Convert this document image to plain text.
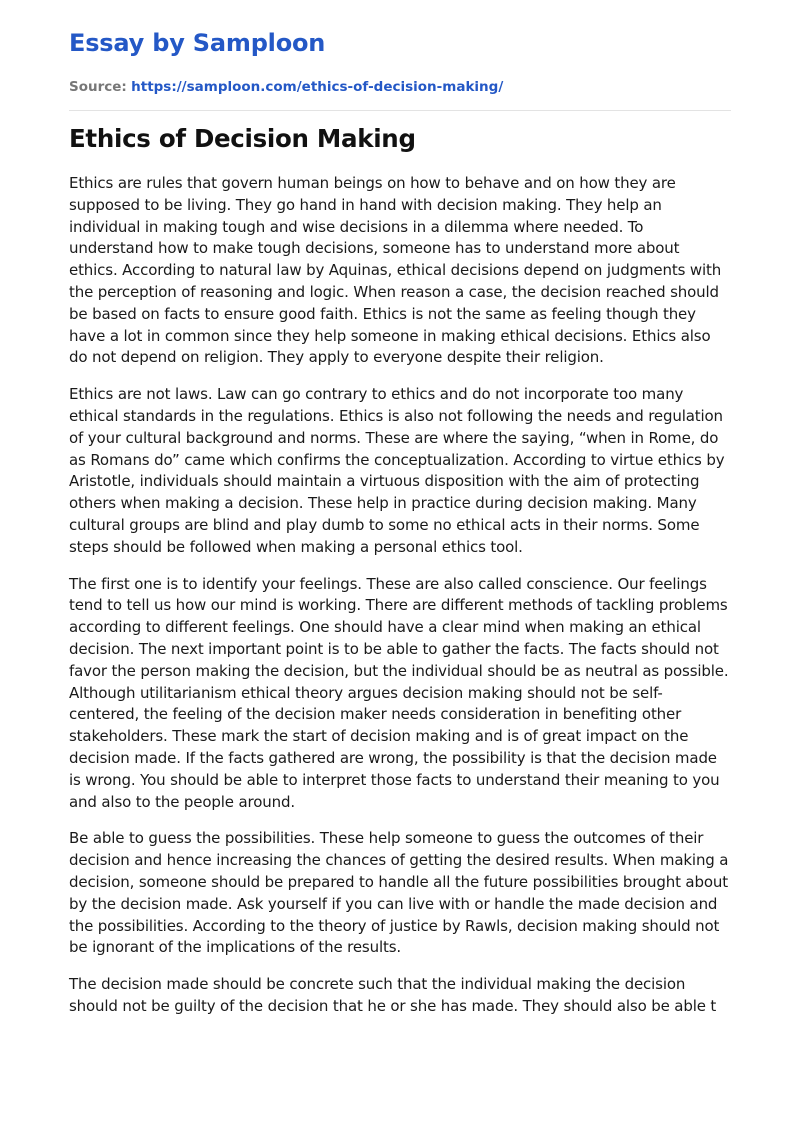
Essay by Samploon
Source: https://samploon.com/ethics-of-decision-making/
Ethics of Decision Making

Ethics are rules that govern human beings on how to behave and on how they are supposed to be living. They go hand in hand with decision making. They help an individual in making tough and wise decisions in a dilemma where needed. To understand how to make tough decisions, someone has to understand more about ethics. According to natural law by Aquinas, ethical decisions depend on judgments with the perception of reasoning and logic. When reason a case, the decision reached should be based on facts to ensure good faith. Ethics is not the same as feeling though they have a lot in common since they help someone in making ethical decisions. Ethics also do not depend on religion. They apply to everyone despite their religion.

Ethics are not laws. Law can go contrary to ethics and do not incorporate too many ethical standards in the regulations. Ethics is also not following the needs and regulation of your cultural background and norms. These are where the saying, “when in Rome, do as Romans do” came which confirms the conceptualization. According to virtue ethics by Aristotle, individuals should maintain a virtuous disposition with the aim of protecting others when making a decision. These help in practice during decision making. Many cultural groups are blind and play dumb to some no ethical acts in their norms. Some steps should be followed when making a personal ethics tool.

The first one is to identify your feelings. These are also called conscience. Our feelings tend to tell us how our mind is working. There are different methods of tackling problems according to different feelings. One should have a clear mind when making an ethical decision. The next important point is to be able to gather the facts. The facts should not favor the person making the decision, but the individual should be as neutral as possible. Although utilitarianism ethical theory argues decision making should not be self-centered, the feeling of the decision maker needs consideration in benefiting other stakeholders. These mark the start of decision making and is of great impact on the decision made. If the facts gathered are wrong, the possibility is that the decision made is wrong. You should be able to interpret those facts to understand their meaning to you and also to the people around.

Be able to guess the possibilities. These help someone to guess the outcomes of their decision and hence increasing the chances of getting the desired results. When making a decision, someone should be prepared to handle all the future possibilities brought about by the decision made. Ask yourself if you can live with or handle the made decision and the possibilities. According to the theory of justice by Rawls, decision making should not be ignorant of the implications of the results.

The decision made should be concrete such that the individual making the decision should not be guilty of the decision that he or she has made. They should also be able t
